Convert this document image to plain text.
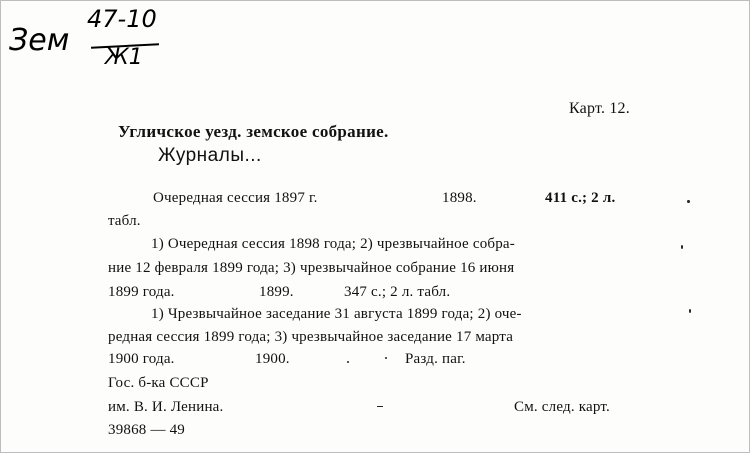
Зем
47-10
Ж1
Карт. 12.
Угличское уезд. земское собрание.
Журналы...
Очередная сессия 1897 г.	1898.	411 с.; 2 л.
тaбл.
1) Очередная сессия 1898 года; 2) чрезвычайное собра-
ние 12 февраля 1899 года; 3) чрезвычайное собрание 16 июня
1899 года.	1899.	347 с.; 2 л. табл.
1) Чрезвычайное заседание 31 августа 1899 года; 2) оче-
редная сессия 1899 года; 3) чрезвычайное заседание 17 марта
1900 года.	1900.	Разд. паг.
Гос. б-ка СССР
им. В. И. Ленина.
39868 — 49
См. след. карт.
